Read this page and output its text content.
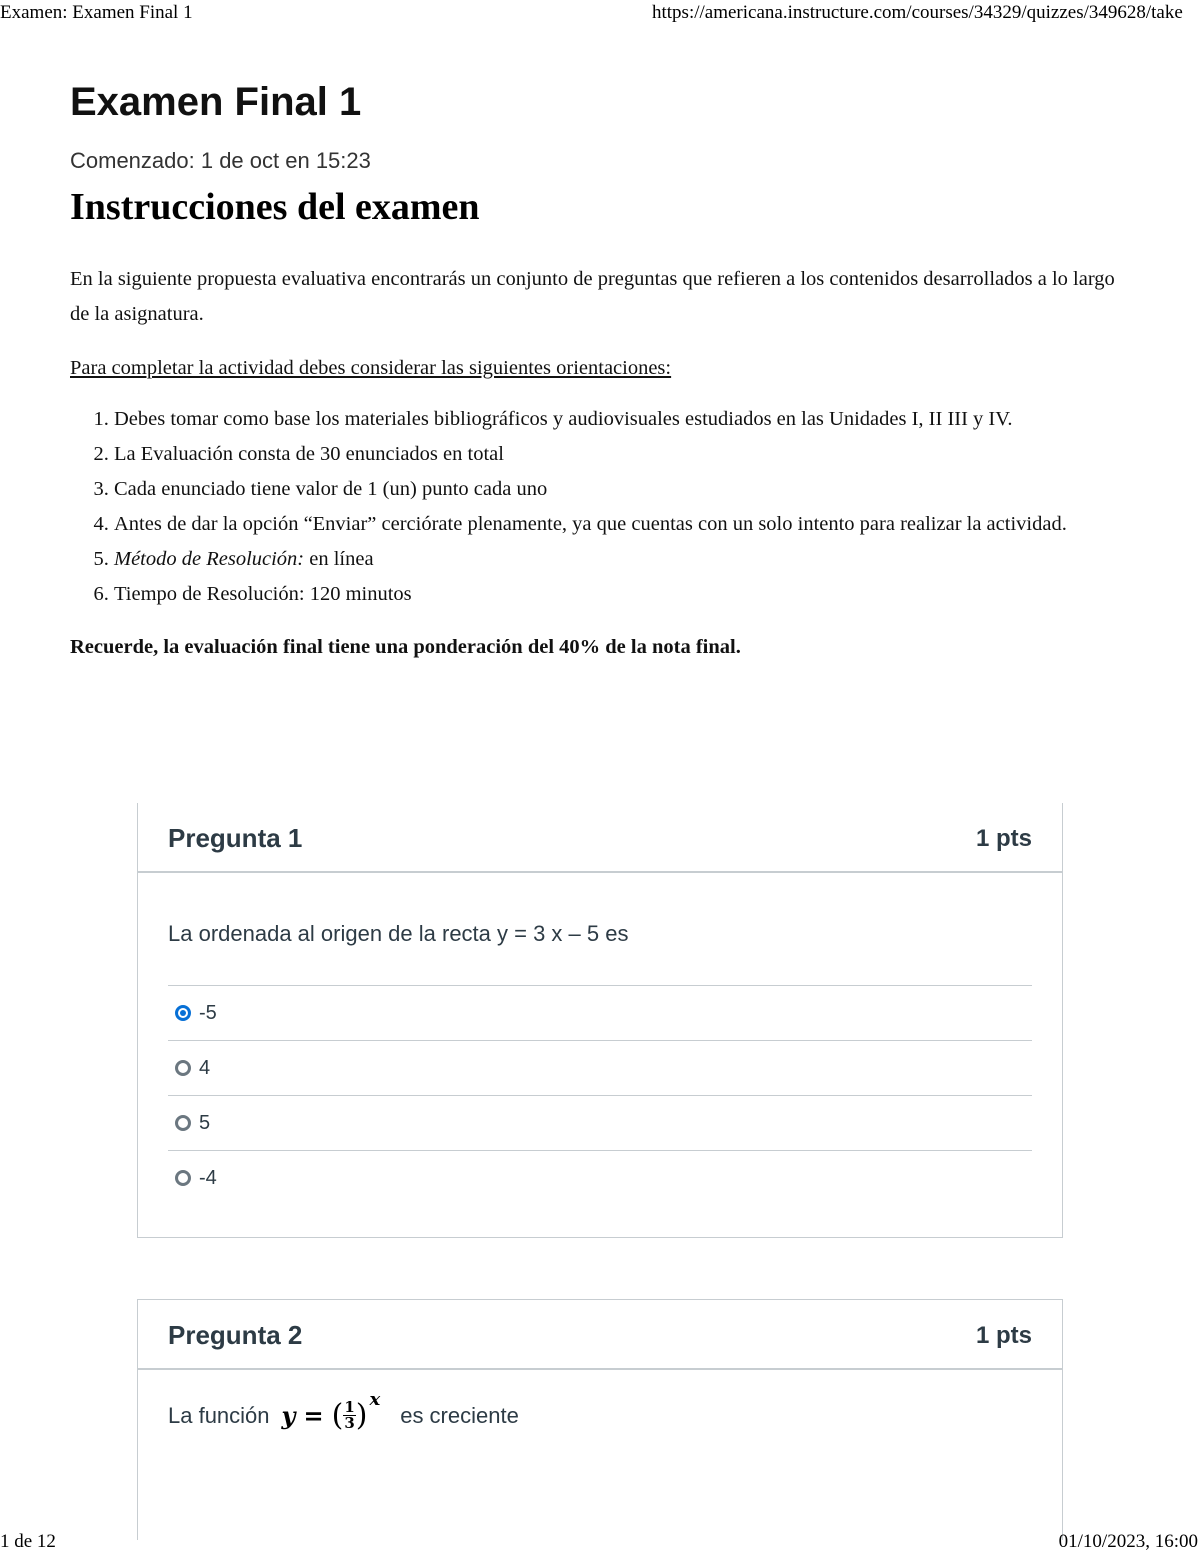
Examen: Examen Final 1	https://americana.instructure.com/courses/34329/quizzes/349628/take
Examen Final 1
Comenzado: 1 de oct en 15:23
Instrucciones del examen

En la siguiente propuesta evaluativa encontrarás un conjunto de preguntas que refieren a los contenidos desarrollados a lo largo de la asignatura.

Para completar la actividad debes considerar las siguientes orientaciones:

1. Debes tomar como base los materiales bibliográficos y audiovisuales estudiados en las Unidades I, II III y IV.
2. La Evaluación consta de 30 enunciados en total
3. Cada enunciado tiene valor de 1 (un) punto cada uno
4. Antes de dar la opción “Enviar” cerciórate plenamente, ya que cuentas con un solo intento para realizar la actividad.
5. Método de Resolución: en línea
6. Tiempo de Resolución: 120 minutos

Recuerde, la evaluación final tiene una ponderación del 40% de la nota final.

Pregunta 1	1 pts
La ordenada al origen de la recta y = 3 x – 5 es
-5
4
5
-4
Pregunta 2	1 pts
La función y = ( $\frac{1}{3}$ ) x
es creciente
1 de 12	01/10/2023, 16:00
